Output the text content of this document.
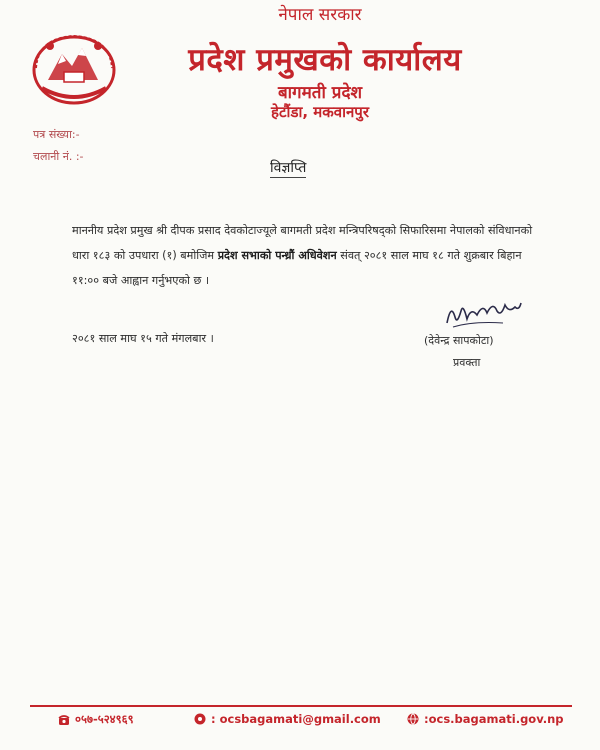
नेपाल सरकार
प्रदेश प्रमुखको कार्यालय
बागमती प्रदेश
हेटौंडा, मकवानपुर
पत्र संख्या:-
चलानी नं. :-
विज्ञप्ति
माननीय प्रदेश प्रमुख श्री दीपक प्रसाद देवकोटाज्यूले बागमती प्रदेश मन्त्रिपरिषद्को सिफारिसमा नेपालको संविधानको धारा १८३ को उपधारा (१) बमोजिम प्रदेश सभाको पन्ध्रौं अधिवेशन संवत् २०८१ साल माघ १८ गते शुक्रबार बिहान ११:०० बजे आह्वान गर्नुभएको छ ।
२०८१ साल माघ १५ गते मंगलबार ।	(देवेन्द्र सापकोटा)
प्रवक्ता
०५७-५२४९६९	: ocsbagamati@gmail.com	:ocs.bagamati.gov.np
